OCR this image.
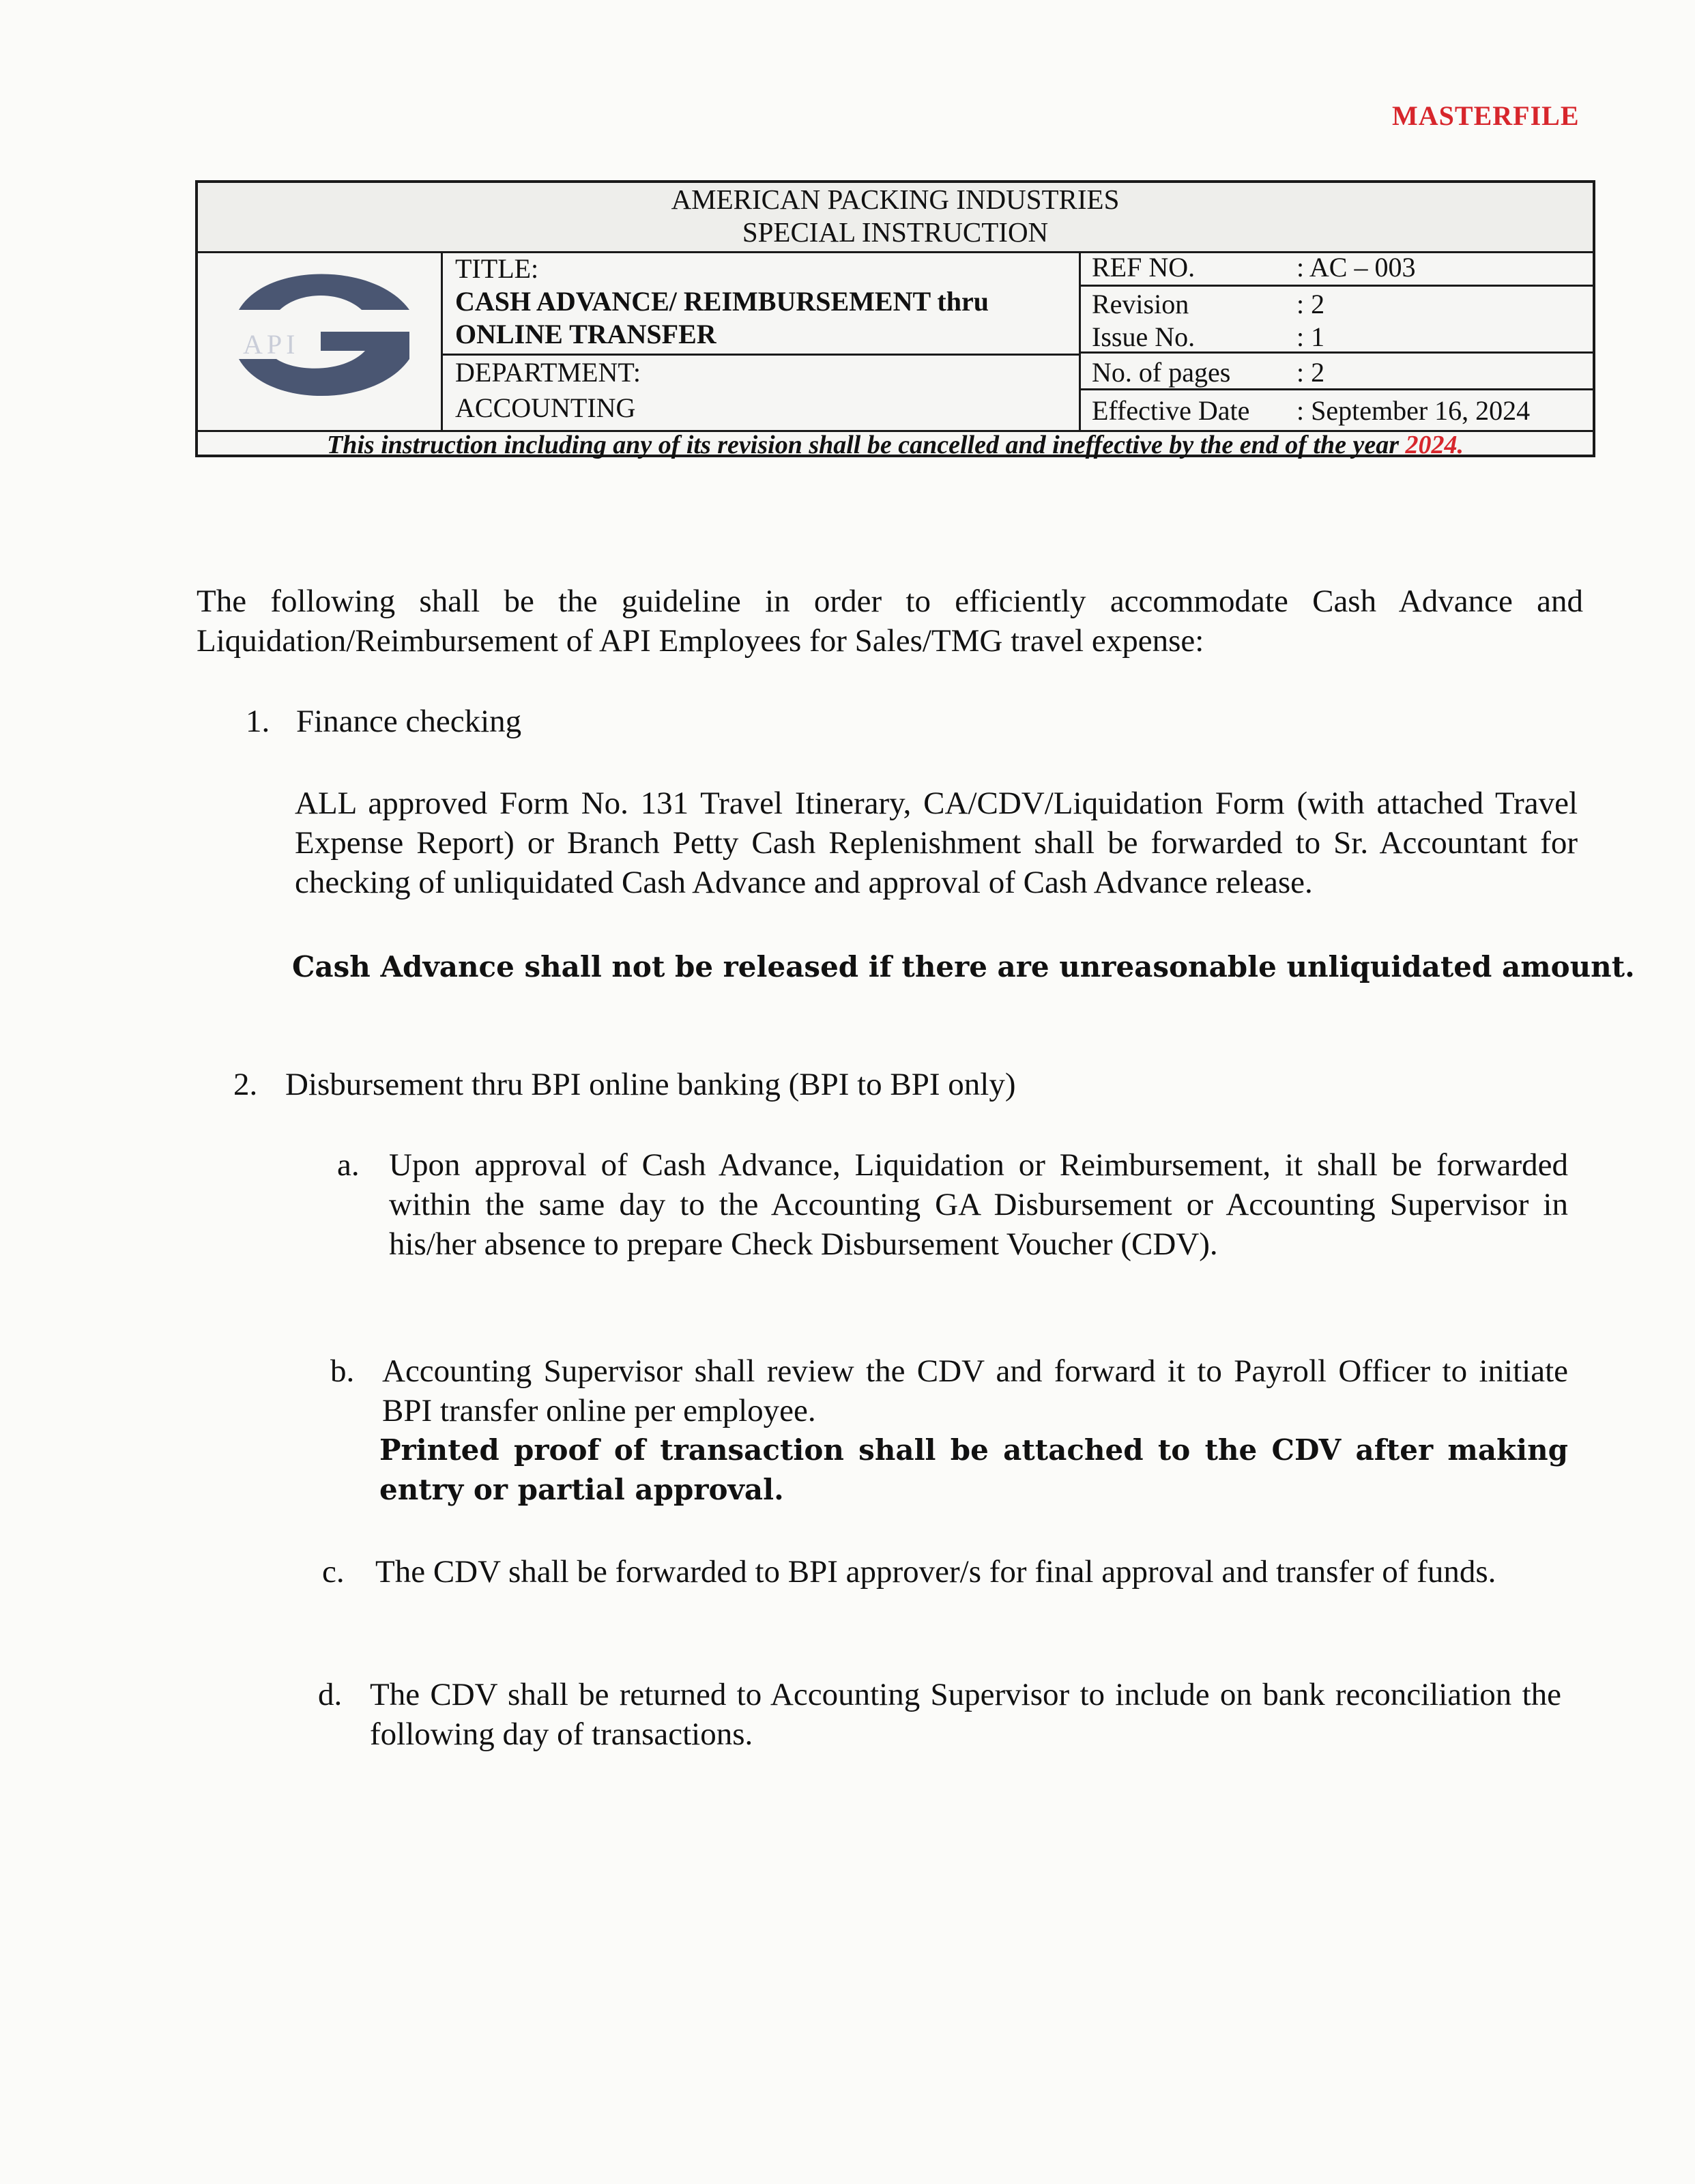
MASTERFILE
AMERICAN PACKING INDUSTRIES
SPECIAL INSTRUCTION
API
TITLE:
CASH ADVANCE/ REIMBURSEMENT thru
ONLINE TRANSFER
DEPARTMENT:
ACCOUNTING
REF NO.	: AC – 003
Revision	: 2
Issue No.	: 1
No. of pages : 2
Effective Date : September 16, 2024
This instruction including any of its revision shall be cancelled and ineffective by the end of the year 2024.

The following shall be the guideline in order to efficiently accommodate Cash Advance and Liquidation/Reimbursement of API Employees for Sales/TMG travel expense:

1. Finance checking

ALL approved Form No. 131 Travel Itinerary, CA/CDV/Liquidation Form (with attached Travel Expense Report) or Branch Petty Cash Replenishment shall be forwarded to Sr. Accountant for checking of unliquidated Cash Advance and approval of Cash Advance release.

Cash Advance shall not be released if there are unreasonable unliquidated amount.

2. Disbursement thru BPI online banking (BPI to BPI only)
a. Upon approval of Cash Advance, Liquidation or Reimbursement, it shall be forwarded within the same day to the Accounting GA Disbursement or Accounting Supervisor in his/her absence to prepare Check Disbursement Voucher (CDV).

b. Accounting Supervisor shall review the CDV and forward it to Payroll Officer to initiate BPI transfer online per employee.

Printed proof of transaction shall be attached to the CDV after making entry or partial approval.

c. The CDV shall be forwarded to BPI approver/s for final approval and transfer of funds.

d. The CDV shall be returned to Accounting Supervisor to include on bank reconciliation the following day of transactions.
